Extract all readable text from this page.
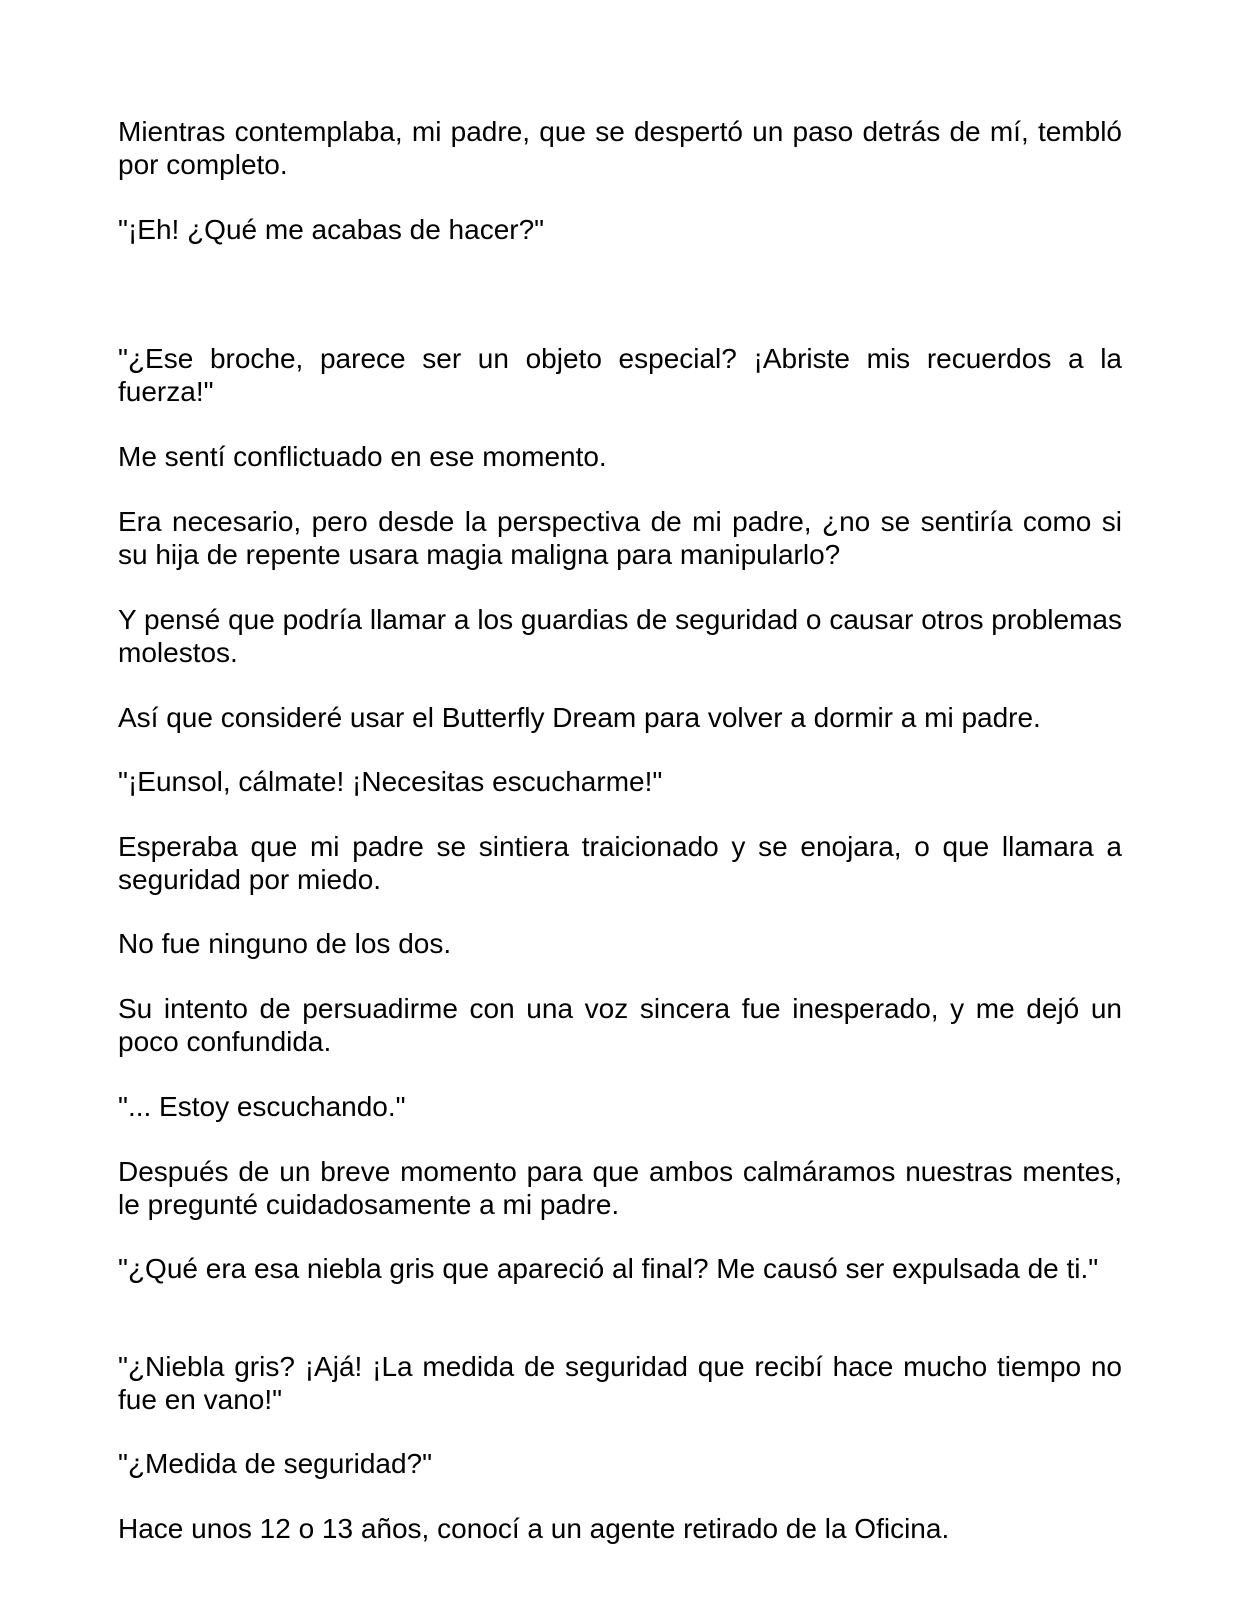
Mientras contemplaba, mi padre, que se despertó un paso detrás de mí, tembló por completo.

"¡Eh! ¿Qué me acabas de hacer?"

"¿Ese broche, parece ser un objeto especial? ¡Abriste mis recuerdos a la fuerza!"

Me sentí conflictuado en ese momento.

Era necesario, pero desde la perspectiva de mi padre, ¿no se sentiría como si su hija de repente usara magia maligna para manipularlo?

Y pensé que podría llamar a los guardias de seguridad o causar otros problemas molestos.

Así que consideré usar el Butterfly Dream para volver a dormir a mi padre.

"¡Eunsol, cálmate! ¡Necesitas escucharme!"

Esperaba que mi padre se sintiera traicionado y se enojara, o que llamara a seguridad por miedo.

No fue ninguno de los dos.

Su intento de persuadirme con una voz sincera fue inesperado, y me dejó un poco confundida.

"... Estoy escuchando."

Después de un breve momento para que ambos calmáramos nuestras mentes, le pregunté cuidadosamente a mi padre.

"¿Qué era esa niebla gris que apareció al final? Me causó ser expulsada de ti."

"¿Niebla gris? ¡Ajá! ¡La medida de seguridad que recibí hace mucho tiempo no fue en vano!"

"¿Medida de seguridad?"

Hace unos 12 o 13 años, conocí a un agente retirado de la Oficina.
